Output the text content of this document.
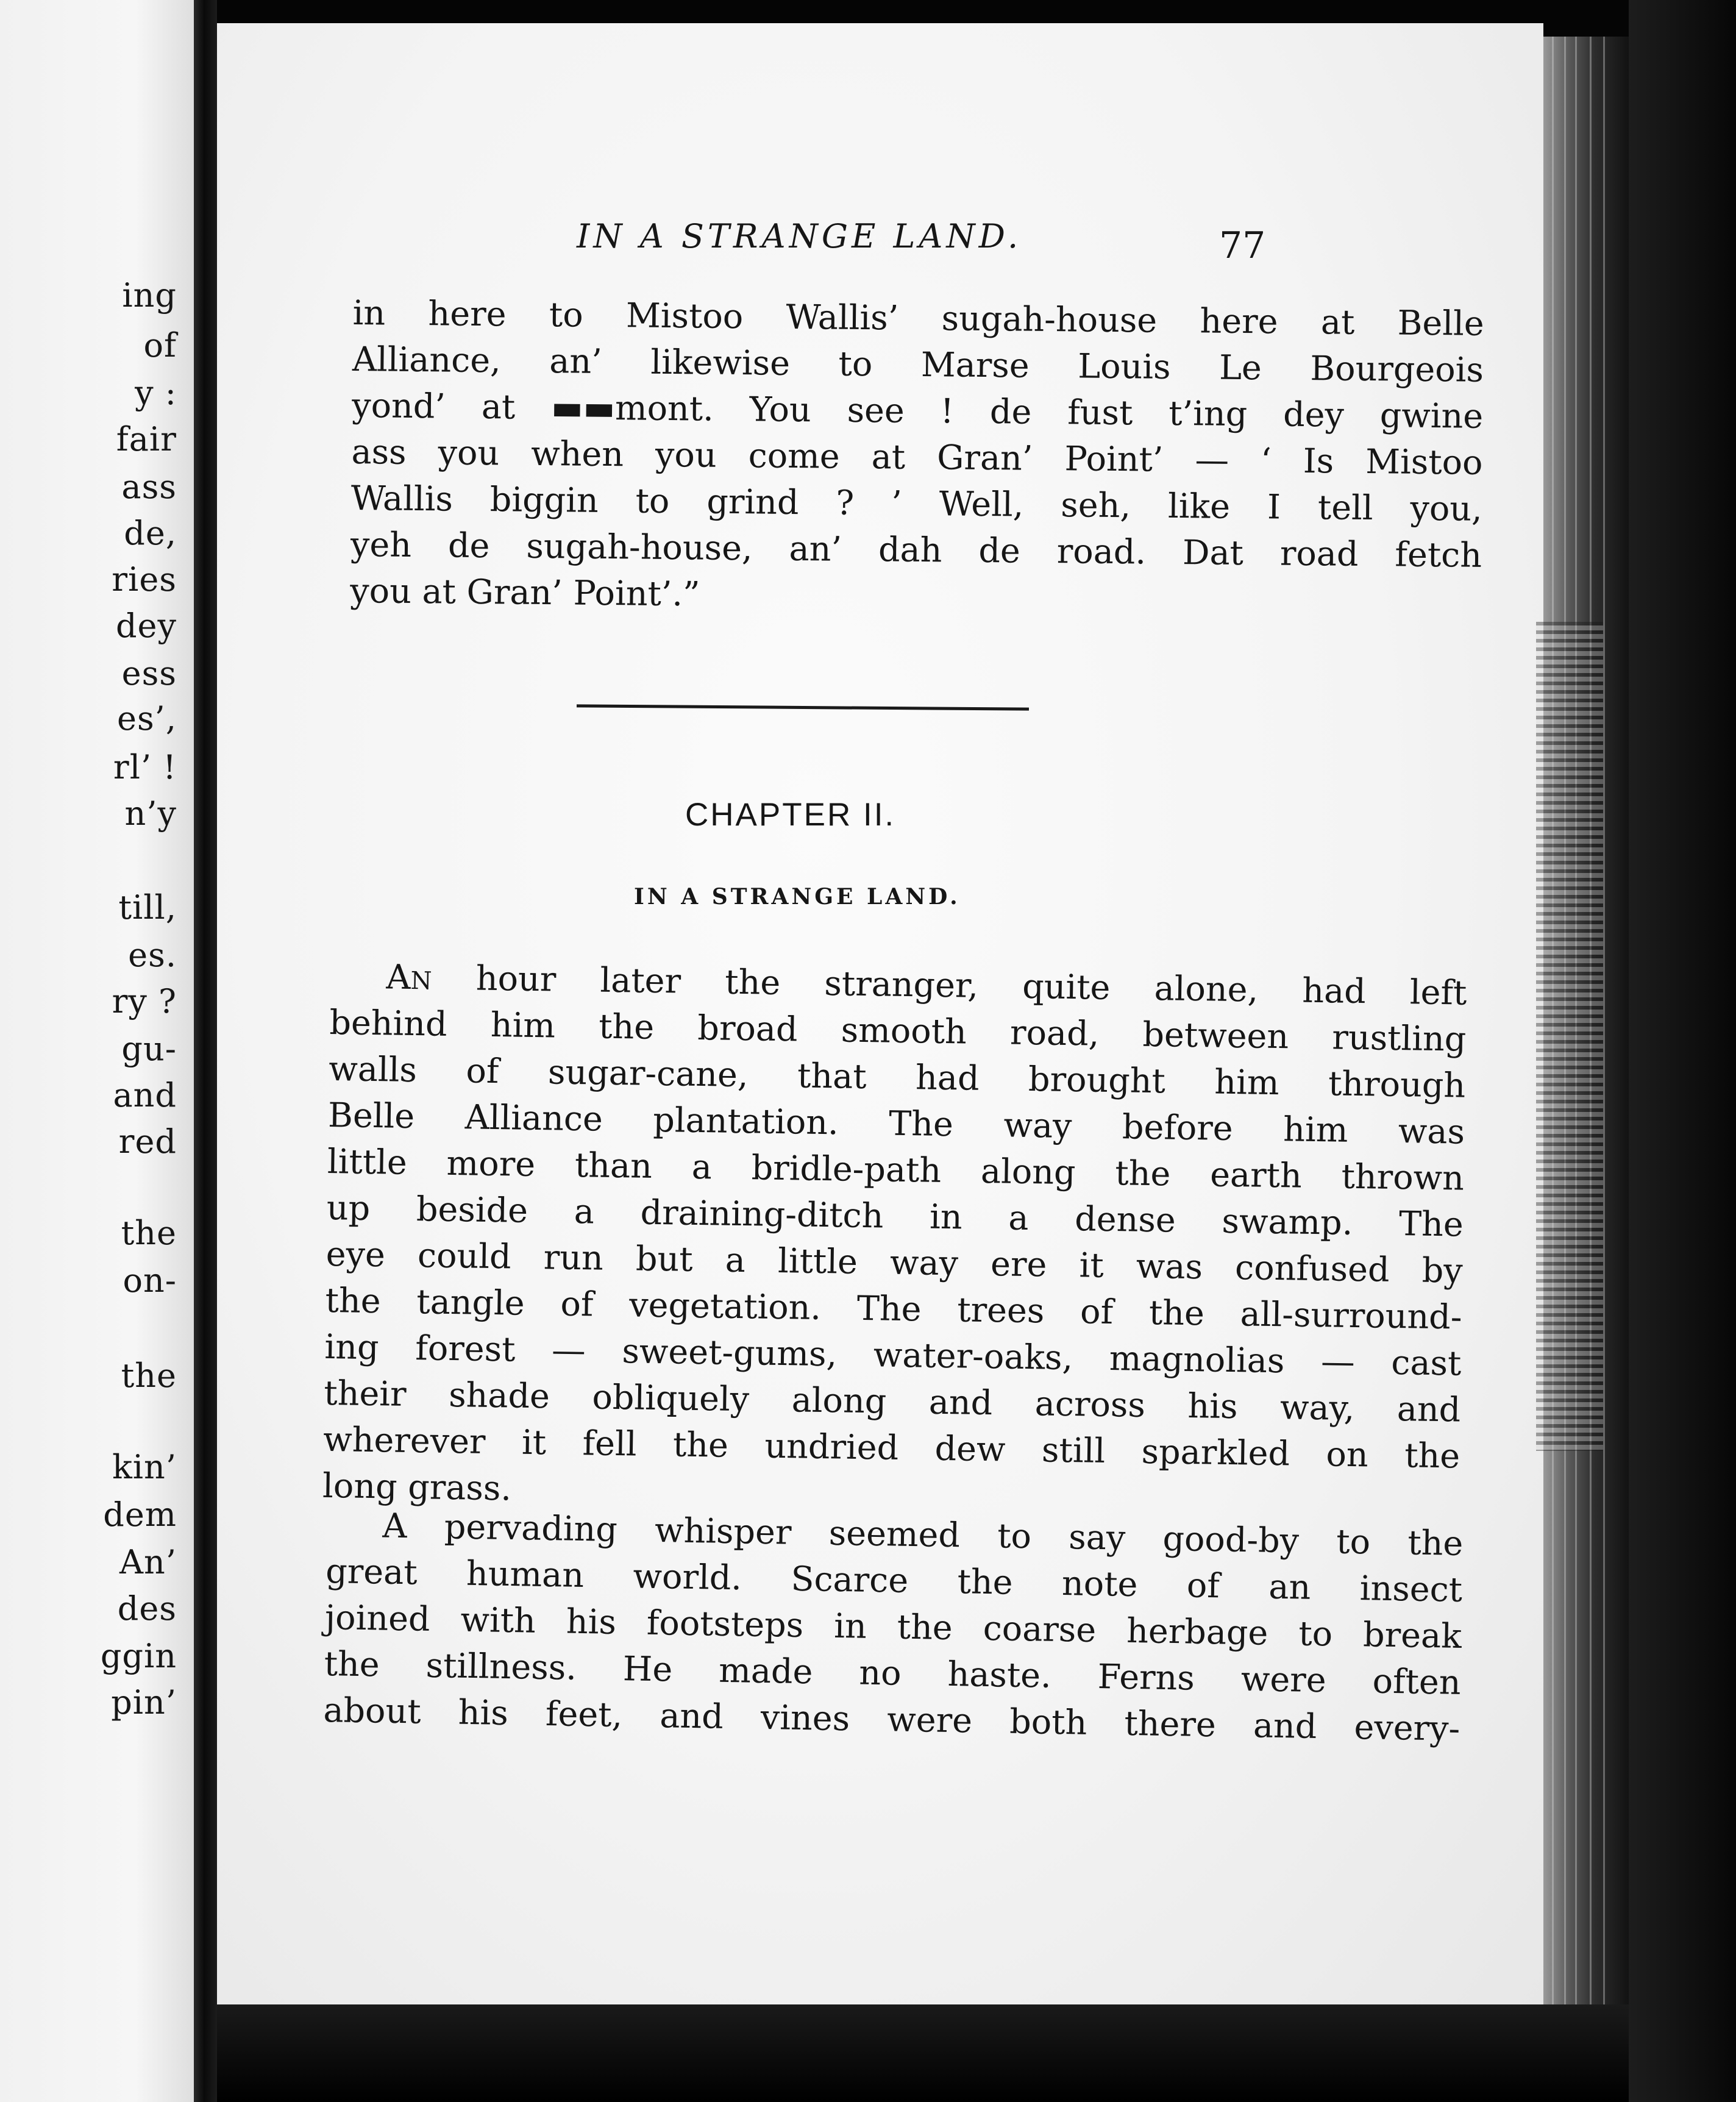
ing
of
y :
fair
ass
de,
ries
dey
ess
es’,
rl’ !
n’y
till,
es.
ry ?
gu-
and
red
the
on-
the
kin’
dem
An’
des
ggin
pin’
IN A STRANGE LAND.	77
in here to Mistoo Wallis’ sugah-house here at Belle
Alliance, an’ likewise to Marse Louis Le Bourgeois
yond’ at ▬▬mont. You see ! de fust t’ing dey gwine
ass you when you come at Gran’ Point’ — ‘ Is Mistoo
Wallis biggin to grind ? ’ Well, seh, like I tell you,
yeh de sugah-house, an’ dah de road. Dat road fetch
you at Gran’ Point’.”
CHAPTER II.
IN A STRANGE LAND.
AN hour later the stranger, quite alone, had left
behind him the broad smooth road, between rustling
walls of sugar-cane, that had brought him through
Belle Alliance plantation. The way before him was
little more than a bridle-path along the earth thrown
up beside a draining-ditch in a dense swamp. The
eye could run but a little way ere it was confused by
the tangle of vegetation. The trees of the all-surround-
ing forest — sweet-gums, water-oaks, magnolias — cast
their shade obliquely along and across his way, and
wherever it fell the undried dew still sparkled on the
long grass.
A pervading whisper seemed to say good-by to the
great human world. Scarce the note of an insect
joined with his footsteps in the coarse herbage to break
the stillness. He made no haste. Ferns were often
about his feet, and vines were both there and every-
